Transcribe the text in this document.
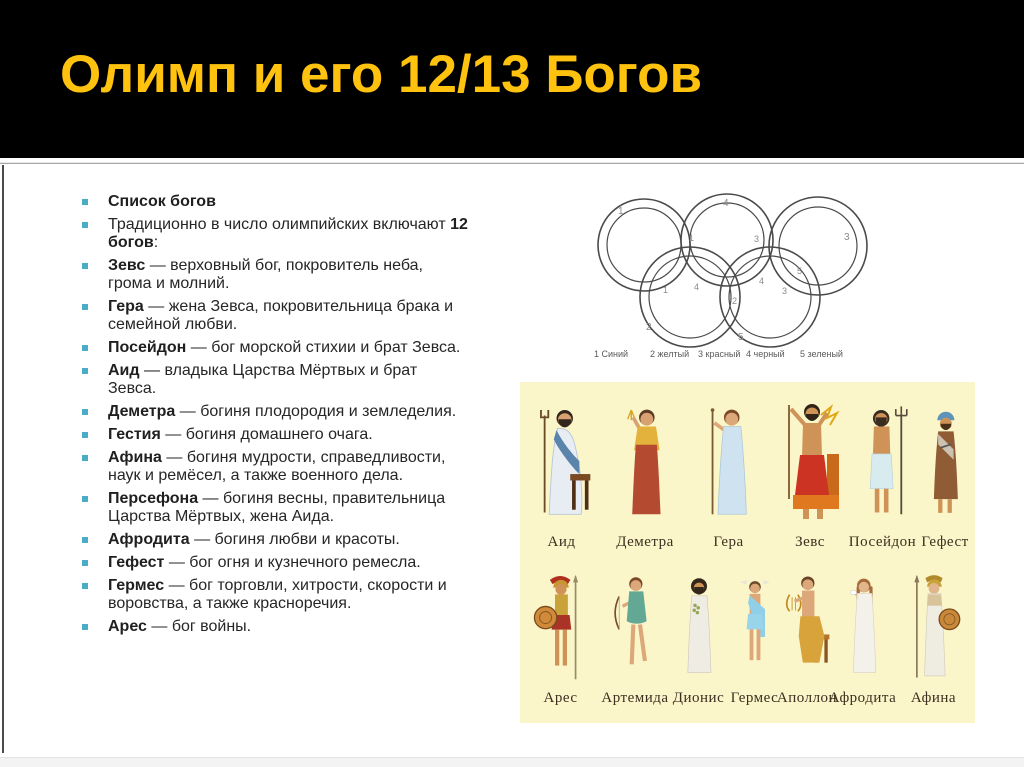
Олимп и его 12/13 Богов

Список богов

Традиционно в число олимпийских включают 12 богов:

Зевс — верховный бог, покровитель неба, грома и молний.

Гера — жена Зевса, покровительница брака и семейной любви.

Посейдон — бог морской стихии и брат Зевса.

Аид — владыка Царства Мёртвых и брат Зевса.

Деметра — богиня плодородия и земледелия.

Гестия — богиня домашнего очага.

Афина — богиня мудрости, справедливости, наук и ремёсел, а также военного дела.

Персефона — богиня весны, правительница Царства Мёртвых, жена Аида.

Афродита — богиня любви и красоты.

Гефест — бог огня и кузнечного ремесла.

Гермес — бог торговли, хитрости, скорости и воровства, а также красноречия.

Арес — бог войны.

1
4
3
2
5
1	3
1	4
4
2
3
5
1 Синий 2 желтый 3 красный 4 черный 5 зеленый
Аид	Деметра	Гера	Зевс Посейдон Гефест
Арес Артемида Дионис Гермес
Аполлон
Афродита Афина
